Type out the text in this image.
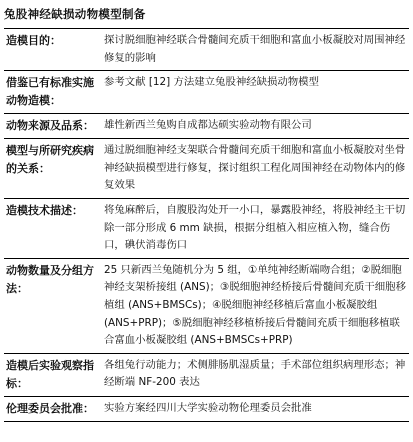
兔股神经缺损动物模型制备
造模目的：	探讨脱细胞神经联合骨髓间充质干细胞和富血小板凝胶对周围神经修复的影响
借鉴已有标准实施动物造模：	参考文献 [12] 方法建立兔股神经缺损动物模型
动物来源及品系：	雄性新西兰兔购自成都达硕实验动物有限公司
模型与所研究疾病的关系：	通过脱细胞神经支架联合骨髓间充质干细胞和富血小板凝胶对坐骨神经缺损模型进行修复，探讨组织工程化周围神经在动物体内的修复效果
造模技术描述：	将兔麻醉后，自腹股沟处开一小口，暴露股神经，将股神经主干切除一部分形成 6 mm 缺损，根据分组植入相应植入物，缝合伤口，碘伏消毒伤口
动物数量及分组方法：	25 只新西兰兔随机分为 5 组，①单纯神经断端吻合组；②脱细胞神经支架桥接组 (ANS)；③脱细胞神经桥接后骨髓间充质干细胞移植组 (ANS+BMSCs)；④脱细胞神经移植后富血小板凝胶组 (ANS+PRP)；⑤脱细胞神经移植桥接后骨髓间充质干细胞移植联合富血小板凝胶组 (ANS+BMSCs+PRP)
造模后实验观察指标：	各组兔行动能力；术侧腓肠肌湿质量；手术部位组织病理形态；神经断端 NF-200 表达
伦理委员会批准：	实验方案经四川大学实验动物伦理委员会批准
